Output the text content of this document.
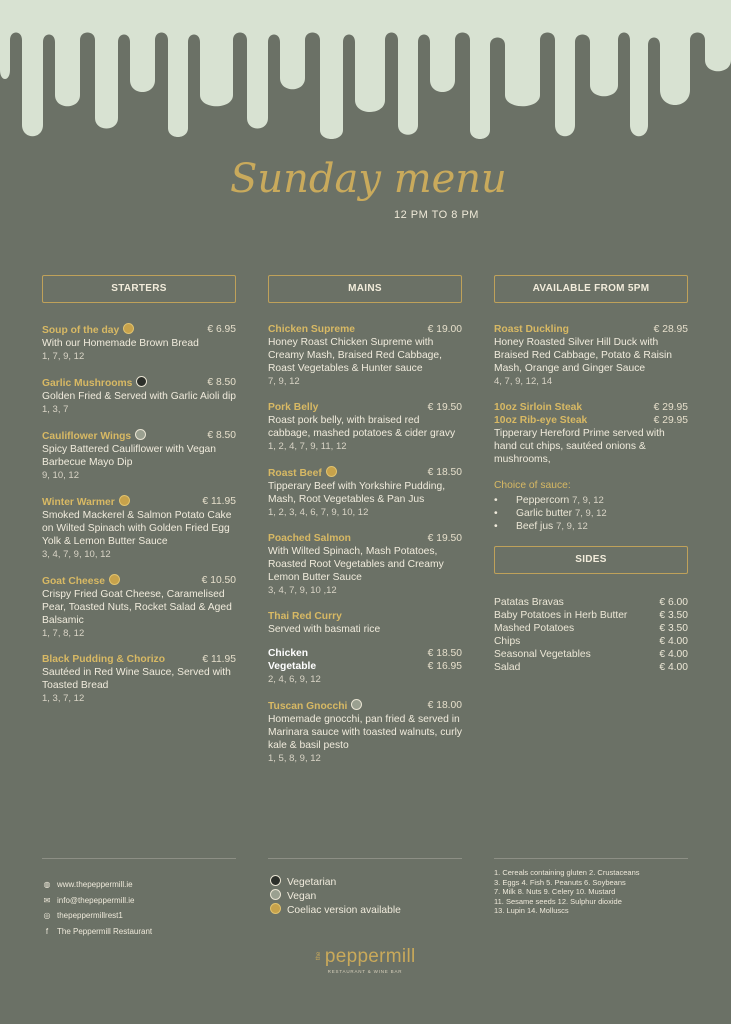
Sunday menu
12 PM TO 8 PM
STARTERS
Soup of the day	€ 6.95
With our Homemade Brown Bread
1, 7, 9, 12
Garlic Mushrooms	€ 8.50
Golden Fried & Served with Garlic Aioli dip
1, 3, 7
Cauliflower Wings	€ 8.50
Spicy Battered Cauliflower with Vegan Barbecue Mayo Dip
9, 10, 12
Winter Warmer	€ 11.95
Smoked Mackerel & Salmon Potato Cake on Wilted Spinach with Golden Fried Egg Yolk & Lemon Butter Sauce
3, 4, 7, 9, 10, 12
Goat Cheese	€ 10.50
Crispy Fried Goat Cheese, Caramelised Pear, Toasted Nuts, Rocket Salad & Aged Balsamic
1, 7, 8, 12
Black Pudding & Chorizo	€ 11.95
Sautéed in Red Wine Sauce, Served with Toasted Bread
1, 3, 7, 12
MAINS
Chicken Supreme	€ 19.00
Honey Roast Chicken Supreme with Creamy Mash, Braised Red Cabbage, Roast Vegetables & Hunter sauce
7, 9, 12
Pork Belly	€ 19.50
Roast pork belly, with braised red cabbage, mashed potatoes & cider gravy
1, 2, 4, 7, 9, 11, 12
Roast Beef	€ 18.50
Tipperary Beef with Yorkshire Pudding, Mash, Root Vegetables & Pan Jus
1, 2, 3, 4, 6, 7, 9, 10, 12
Poached Salmon	€ 19.50
With Wilted Spinach, Mash Potatoes, Roasted Root Vegetables and Creamy Lemon Butter Sauce
3, 4, 7, 9, 10 ,12
Thai Red Curry
Served with basmati rice
Chicken	€ 18.50
Vegetable	€ 16.95
2, 4, 6, 9, 12
Tuscan Gnocchi	€ 18.00
Homemade gnocchi, pan fried & served in Marinara sauce with toasted walnuts, curly kale & basil pesto
1, 5, 8, 9, 12
AVAILABLE FROM 5PM
Roast Duckling	€ 28.95
Honey Roasted Silver Hill Duck with Braised Red Cabbage, Potato & Raisin Mash, Orange and Ginger Sauce
4, 7, 9, 12, 14
10oz Sirloin Steak	€ 29.95
10oz Rib-eye Steak	€ 29.95
Tipperary Hereford Prime served with hand cut chips, sautéed onions & mushrooms,
Choice of sauce:
• Peppercorn 7, 9, 12
• Garlic butter 7, 9, 12
• Beef jus 7, 9, 12
SIDES
Patatas Bravas	€ 6.00
Baby Potatoes in Herb Butter	€ 3.50
Mashed Potatoes	€ 3.50
Chips	€ 4.00
Seasonal Vegetables	€ 4.00
Salad	€ 4.00
◍ www.thepeppermill.ie
✉ info@thepeppermill.ie
◎ thepeppermillrest1
f The Peppermill Restaurant
Vegetarian
Vegan
Coeliac version available
1. Cereals containing gluten 2. Crustaceans
3. Eggs 4. Fish 5. Peanuts 6. Soybeans
7. Milk 8. Nuts 9. Celery 10. Mustard
11. Sesame seeds 12. Sulphur dioxide
13. Lupin 14. Molluscs
the peppermill
RESTAURANT & WINE BAR
